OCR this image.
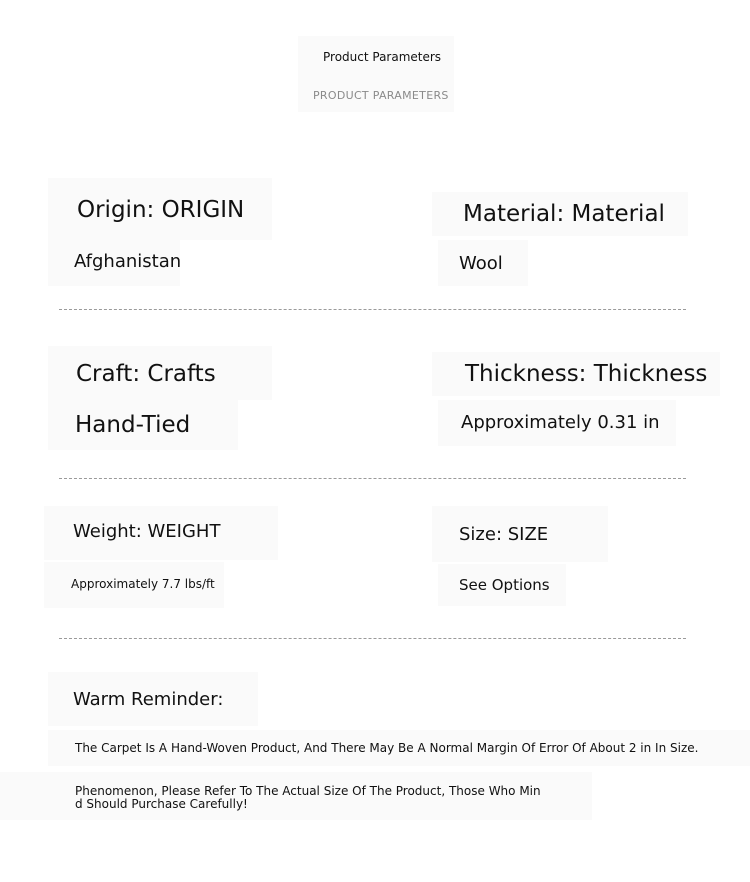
Product Parameters
PRODUCT PARAMETERS
Origin: ORIGIN
Afghanistan
Material: Material
Wool
Craft: Crafts
Hand-Tied
Thickness: Thickness
Approximately 0.31 in
Weight: WEIGHT
Approximately 7.7 lbs/ft
Size: SIZE
See Options
Warm Reminder:
The Carpet Is A Hand-Woven Product, And There May Be A Normal Margin Of Error Of About 2 in In Size.
Phenomenon, Please Refer To The Actual Size Of The Product, Those Who Min
d Should Purchase Carefully!
